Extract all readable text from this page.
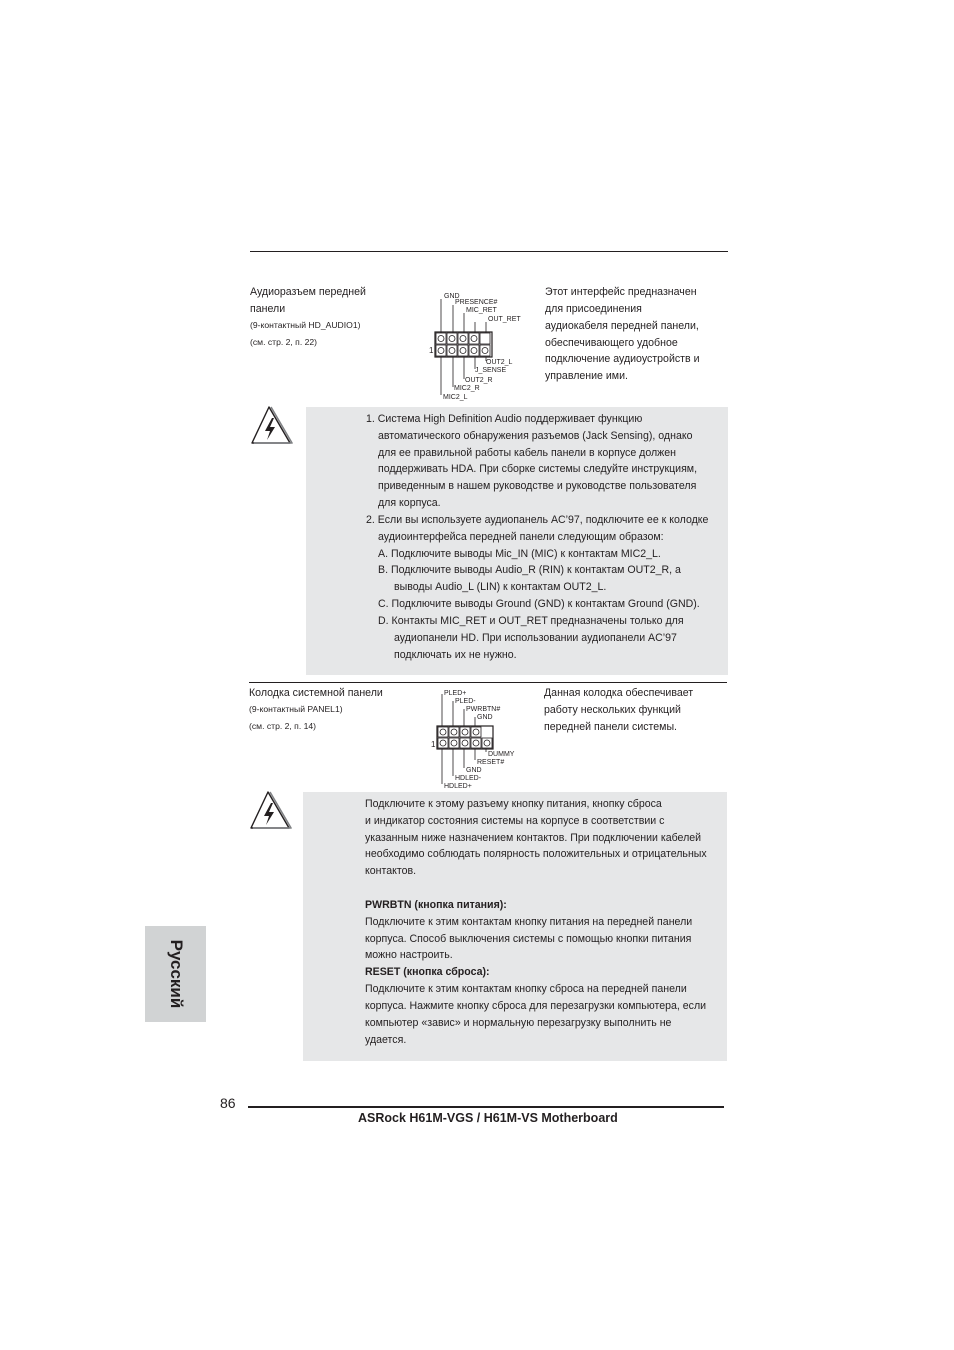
Аудиоразъем передней
панели
(9-контактный HD_AUDIO1)
(см. стр. 2, п. 22)
GND
PRESENCE#
MIC_RET
OUT_RET
1
OUT2_L
J_SENSE
OUT2_R
MIC2_R
MIC2_L
Этот интерфейс предназначен
для присоединения
аудиокабеля передней панели,
обеспечивающего удобное
подключение аудиоустройств и
управление ими.
1. Система High Definition Audio поддерживает функцию
автоматического обнаружения разъемов (Jack Sensing), однако
для ее правильной работы кабель панели в корпусе должен
поддерживать HDA. При сборке системы следуйте инструкциям,
приведенным в нашем руководстве и руководстве пользователя
для корпуса.
2. Если вы используете аудиопанель AC’97, подключите ее к колодке
аудиоинтерфейса передней панели следующим образом:
A. Подключите выводы Mic_IN (MIC) к контактам MIC2_L.
B. Подключите выводы Audio_R (RIN) к контактам OUT2_R, а
выводы Audio_L (LIN) к контактам OUT2_L.
C. Подключите выводы Ground (GND) к контактам Ground (GND).
D. Контакты MIC_RET и OUT_RET предназначены только для
аудиопанели HD. При использовании аудиопанели AC’97
подключать их не нужно.
Колодка системной панели
(9-контактный PANEL1)
(см. стр. 2, п. 14)
PLED+
PLED-
PWRBTN#
GND
1
DUMMY
RESET#
GND
HDLED-
HDLED+
Данная колодка обеспечивает
работу нескольких функций
передней панели системы.
Подключите к этому разъему кнопку питания, кнопку сброса
и индикатор состояния системы на корпусе в соответствии с
указанным ниже назначением контактов. При подключении кабелей
необходимо соблюдать полярность положительных и отрицательных
контактов.
PWRBTN (кнопка питания):
Подключите к этим контактам кнопку питания на передней панели
корпуса. Способ выключения системы с помощью кнопки питания
можно настроить.
RESET (кнопка сброса):
Подключите к этим контактам кнопку сброса на передней панели
корпуса. Нажмите кнопку сброса для перезагрузки компьютера, если
компьютер «завис» и нормальную перезагрузку выполнить не
удается.
Русский
86
ASRock H61M-VGS / H61M-VS Motherboard
